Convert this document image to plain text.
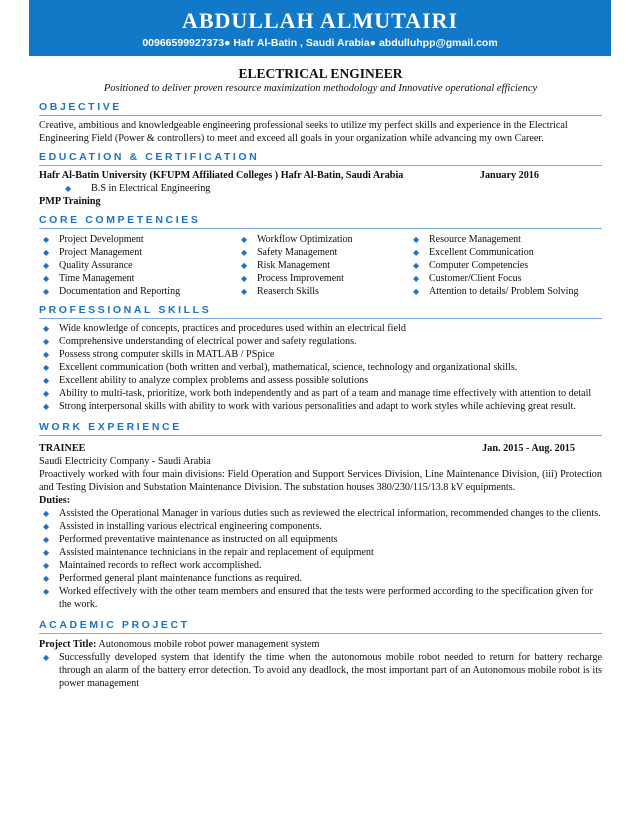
ABDULLAH ALMUTAIRI
00966599927373● Hafr Al-Batin , Saudi Arabia● abdulluhpp@gmail.com
ELECTRICAL ENGINEER
Positioned to deliver proven resource maximization methodology and Innovative operational efficiency
OBJECTIVE

Creative, ambitious and knowledgeable engineering professional seeks to utilize my perfect skills and experience in the Electrical Engineering Field (Power & controllers) to meet and exceed all goals in your organization while advancing my own Career.

EDUCATION & CERTIFICATION
Hafr Al-Batin University (KFUPM Affiliated Colleges ) Hafr Al-Batin, Saudi Arabia	January 2016
◆ B.S in Electrical Engineering
PMP Training
CORE COMPETENCIES
◆ Project Development
◆ Project Management
◆ Quality Assurance
◆ Time Management
◆ Documentation and Reporting
◆ Workflow Optimization
◆ Safety Management
◆ Risk Management
◆ Process Improvement
◆ Reaserch Skills
◆ Resource Management
◆ Excellent Communication
◆ Computer Competencies
◆ Customer/Client Focus
◆ Attention to details/ Problem Solving
PROFESSIONAL SKILLS
◆ Wide knowledge of concepts, practices and procedures used within an electrical field
◆ Comprehensive understanding of electrical power and safety regulations.
◆ Possess strong computer skills in MATLAB / PSpice
◆ Excellent communication (both written and verbal), mathematical, science, technology and organizational skills.
◆ Excellent ability to analyze complex problems and assess possible solutions
◆ Ability to multi-task, prioritize, work both independently and as part of a team and manage time effectively with attention to detail
◆ Strong interpersonal skills with ability to work with various personalities and adapt to work styles while achieving great result.
WORK EXPERIENCE
TRAINEE	Jan. 2015 - Aug. 2015
Saudi Electricity Company - Saudi Arabia

Proactively worked with four main divisions: Field Operation and Support Services Division, Line Maintenance Division, (iii) Protection and Testing Division and Substation Maintenance Division. The substation houses 380/230/115/13.8 kV equipments.

Duties:
◆ Assisted the Operational Manager in various duties such as reviewed the electrical information, recommended changes to the clients.
◆ Assisted in installing various electrical engineering components.
◆ Performed preventative maintenance as instructed on all equipments
◆ Assisted maintenance technicians in the repair and replacement of equipment
◆ Maintained records to reflect work accomplished.
◆ Performed general plant maintenance functions as required.
◆ Worked effectively with the other team members and ensured that the tests were performed according to the specification given for the work.
ACADEMIC PROJECT
Project Title: Autonomous mobile robot power management system
◆ Successfully developed system that identify the time when the autonomous mobile robot needed to return for battery recharge through an alarm of the battery error detection. To avoid any deadlock, the most important part of an Autonomous mobile robot is its power management
